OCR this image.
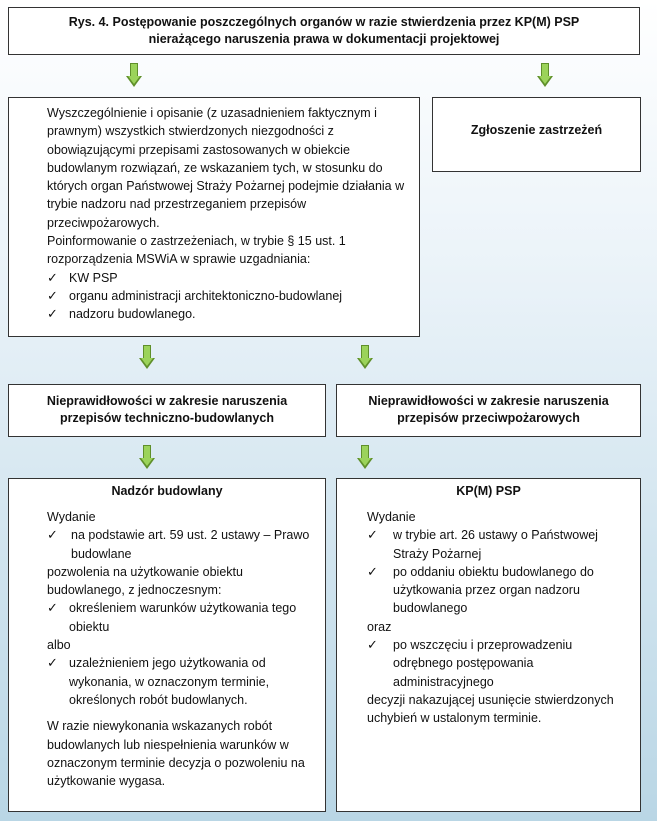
Rys. 4. Postępowanie poszczególnych organów w razie stwierdzenia przez KP(M) PSP nierażącego naruszenia prawa w dokumentacji projektowej
Wyszczególnienie i opisanie (z uzasadnieniem faktycznym i prawnym) wszystkich stwierdzonych niezgodności z obowiązującymi przepisami zastosowanych w obiekcie budowlanym rozwiązań, ze wskazaniem tych, w stosunku do których organ Państwowej Straży Pożarnej podejmie działania w trybie nadzoru nad przestrzeganiem przepisów przeciwpożarowych.
Poinformowanie o zastrzeżeniach, w trybie § 15 ust. 1 rozporządzenia MSWiA w sprawie uzgadniania:
✓ KW PSP
✓ organu administracji architektoniczno-budowlanej
✓ nadzoru budowlanego.
Zgłoszenie zastrzeżeń
Nieprawidłowości w zakresie naruszenia przepisów techniczno-budowlanych
Nieprawidłowości w zakresie naruszenia przepisów przeciwpożarowych
Nadzór budowlany
Wydanie
✓ na podstawie art. 59 ust. 2 ustawy – Prawo budowlane
pozwolenia na użytkowanie obiektu budowlanego, z jednoczesnym:
✓ określeniem warunków użytkowania tego obiektu
albo
✓ uzależnieniem jego użytkowania od wykonania, w oznaczonym terminie, określonych robót budowlanych.
W razie niewykonania wskazanych robót budowlanych lub niespełnienia warunków w oznaczonym terminie decyzja o pozwoleniu na użytkowanie wygasa.
KP(M) PSP
Wydanie
✓ w trybie art. 26 ustawy o Państwowej Straży Pożarnej
✓ po oddaniu obiektu budowlanego do użytkowania przez organ nadzoru budowlanego
oraz
✓ po wszczęciu i przeprowadzeniu odrębnego postępowania administracyjnego
decyzji nakazującej usunięcie stwierdzonych uchybień w ustalonym terminie.
